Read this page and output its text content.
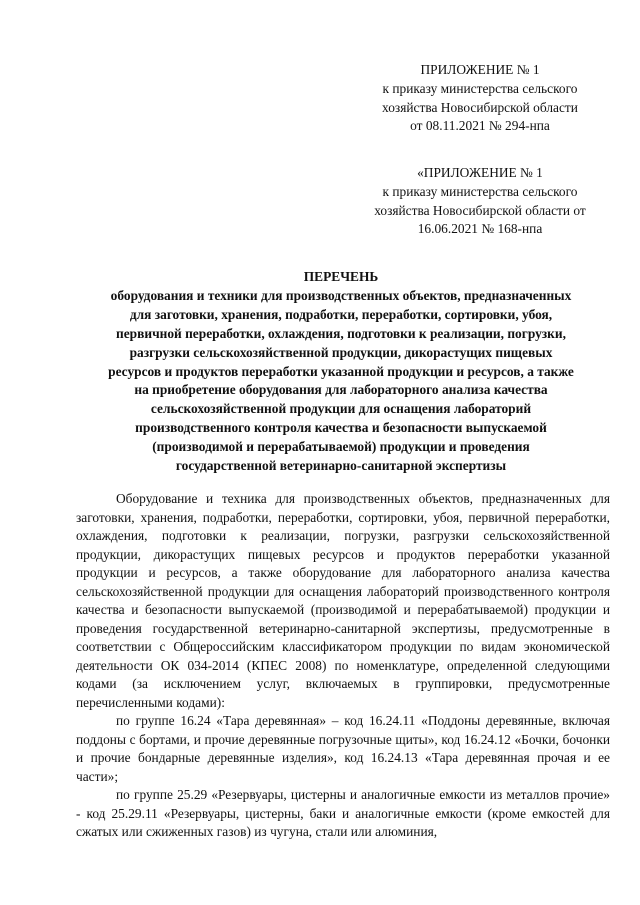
ПРИЛОЖЕНИЕ № 1
к приказу министерства сельского
хозяйства Новосибирской области
от 08.11.2021 № 294-нпа
«ПРИЛОЖЕНИЕ № 1
к приказу министерства сельского
хозяйства Новосибирской области от
16.06.2021 № 168-нпа
ПЕРЕЧЕНЬ
оборудования и техники для производственных объектов, предназначенных
для заготовки, хранения, подработки, переработки, сортировки, убоя,
первичной переработки, охлаждения, подготовки к реализации, погрузки,
разгрузки сельскохозяйственной продукции, дикорастущих пищевых
ресурсов и продуктов переработки указанной продукции и ресурсов, а также
на приобретение оборудования для лабораторного анализа качества
сельскохозяйственной продукции для оснащения лабораторий
производственного контроля качества и безопасности выпускаемой
(производимой и перерабатываемой) продукции и проведения
государственной ветеринарно-санитарной экспертизы

Оборудование и техника для производственных объектов, предназначенных для заготовки, хранения, подработки, переработки, сортировки, убоя, первичной переработки, охлаждения, подготовки к реализации, погрузки, разгрузки сельскохозяйственной продукции, дикорастущих пищевых ресурсов и продуктов переработки указанной продукции и ресурсов, а также оборудование для лабораторного анализа качества сельскохозяйственной продукции для оснащения лабораторий производственного контроля качества и безопасности выпускаемой (производимой и перерабатываемой) продукции и проведения государственной ветеринарно-санитарной экспертизы, предусмотренные в соответствии с Общероссийским классификатором продукции по видам экономической деятельности ОК 034-2014 (КПЕС 2008) по номенклатуре, определенной следующими кодами (за исключением услуг, включаемых в группировки, предусмотренные перечисленными кодами):

по группе 16.24 «Тара деревянная» – код 16.24.11 «Поддоны деревянные, включая поддоны с бортами, и прочие деревянные погрузочные щиты», код 16.24.12 «Бочки, бочонки и прочие бондарные деревянные изделия», код 16.24.13 «Тара деревянная прочая и ее части»;

по группе 25.29 «Резервуары, цистерны и аналогичные емкости из металлов прочие» - код 25.29.11 «Резервуары, цистерны, баки и аналогичные емкости (кроме емкостей для сжатых или сжиженных газов) из чугуна, стали или алюминия,
